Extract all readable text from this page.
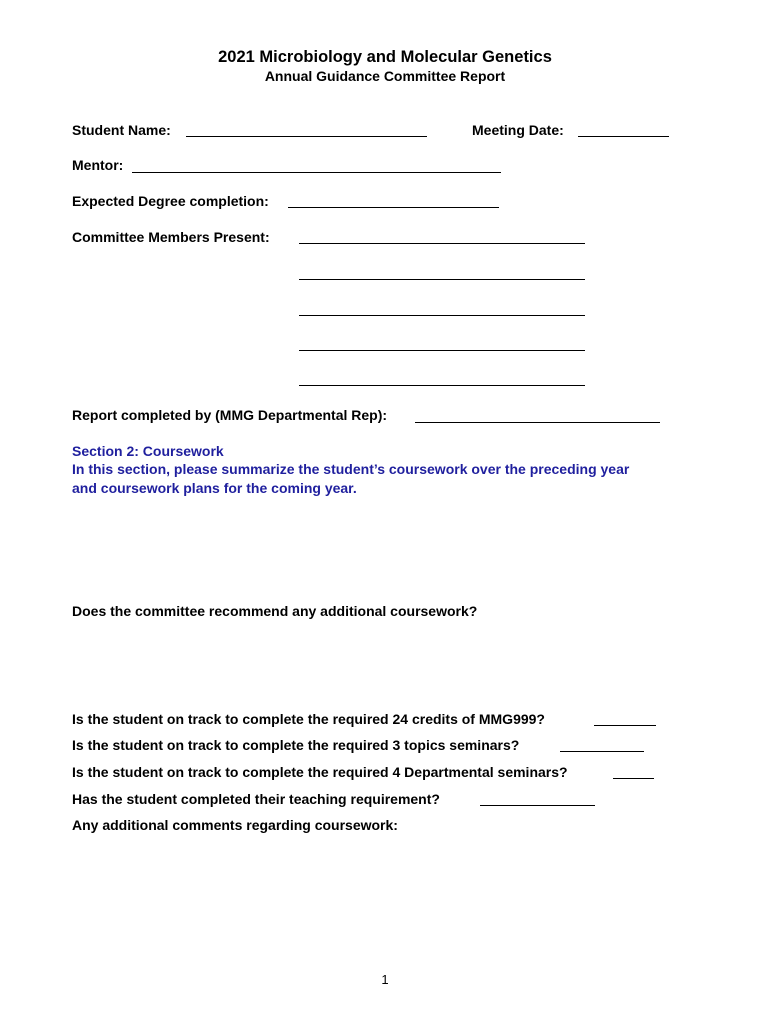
2021 Microbiology and Molecular Genetics
Annual Guidance Committee Report
Student Name:	Meeting Date:
Mentor:
Expected Degree completion:
Committee Members Present:
Report completed by (MMG Departmental Rep):
Section 2: Coursework
In this section, please summarize the student’s coursework over the preceding year
and coursework plans for the coming year.
Does the committee recommend any additional coursework?
Is the student on track to complete the required 24 credits of MMG999?
Is the student on track to complete the required 3 topics seminars?
Is the student on track to complete the required 4 Departmental seminars?
Has the student completed their teaching requirement?
Any additional comments regarding coursework:
1
